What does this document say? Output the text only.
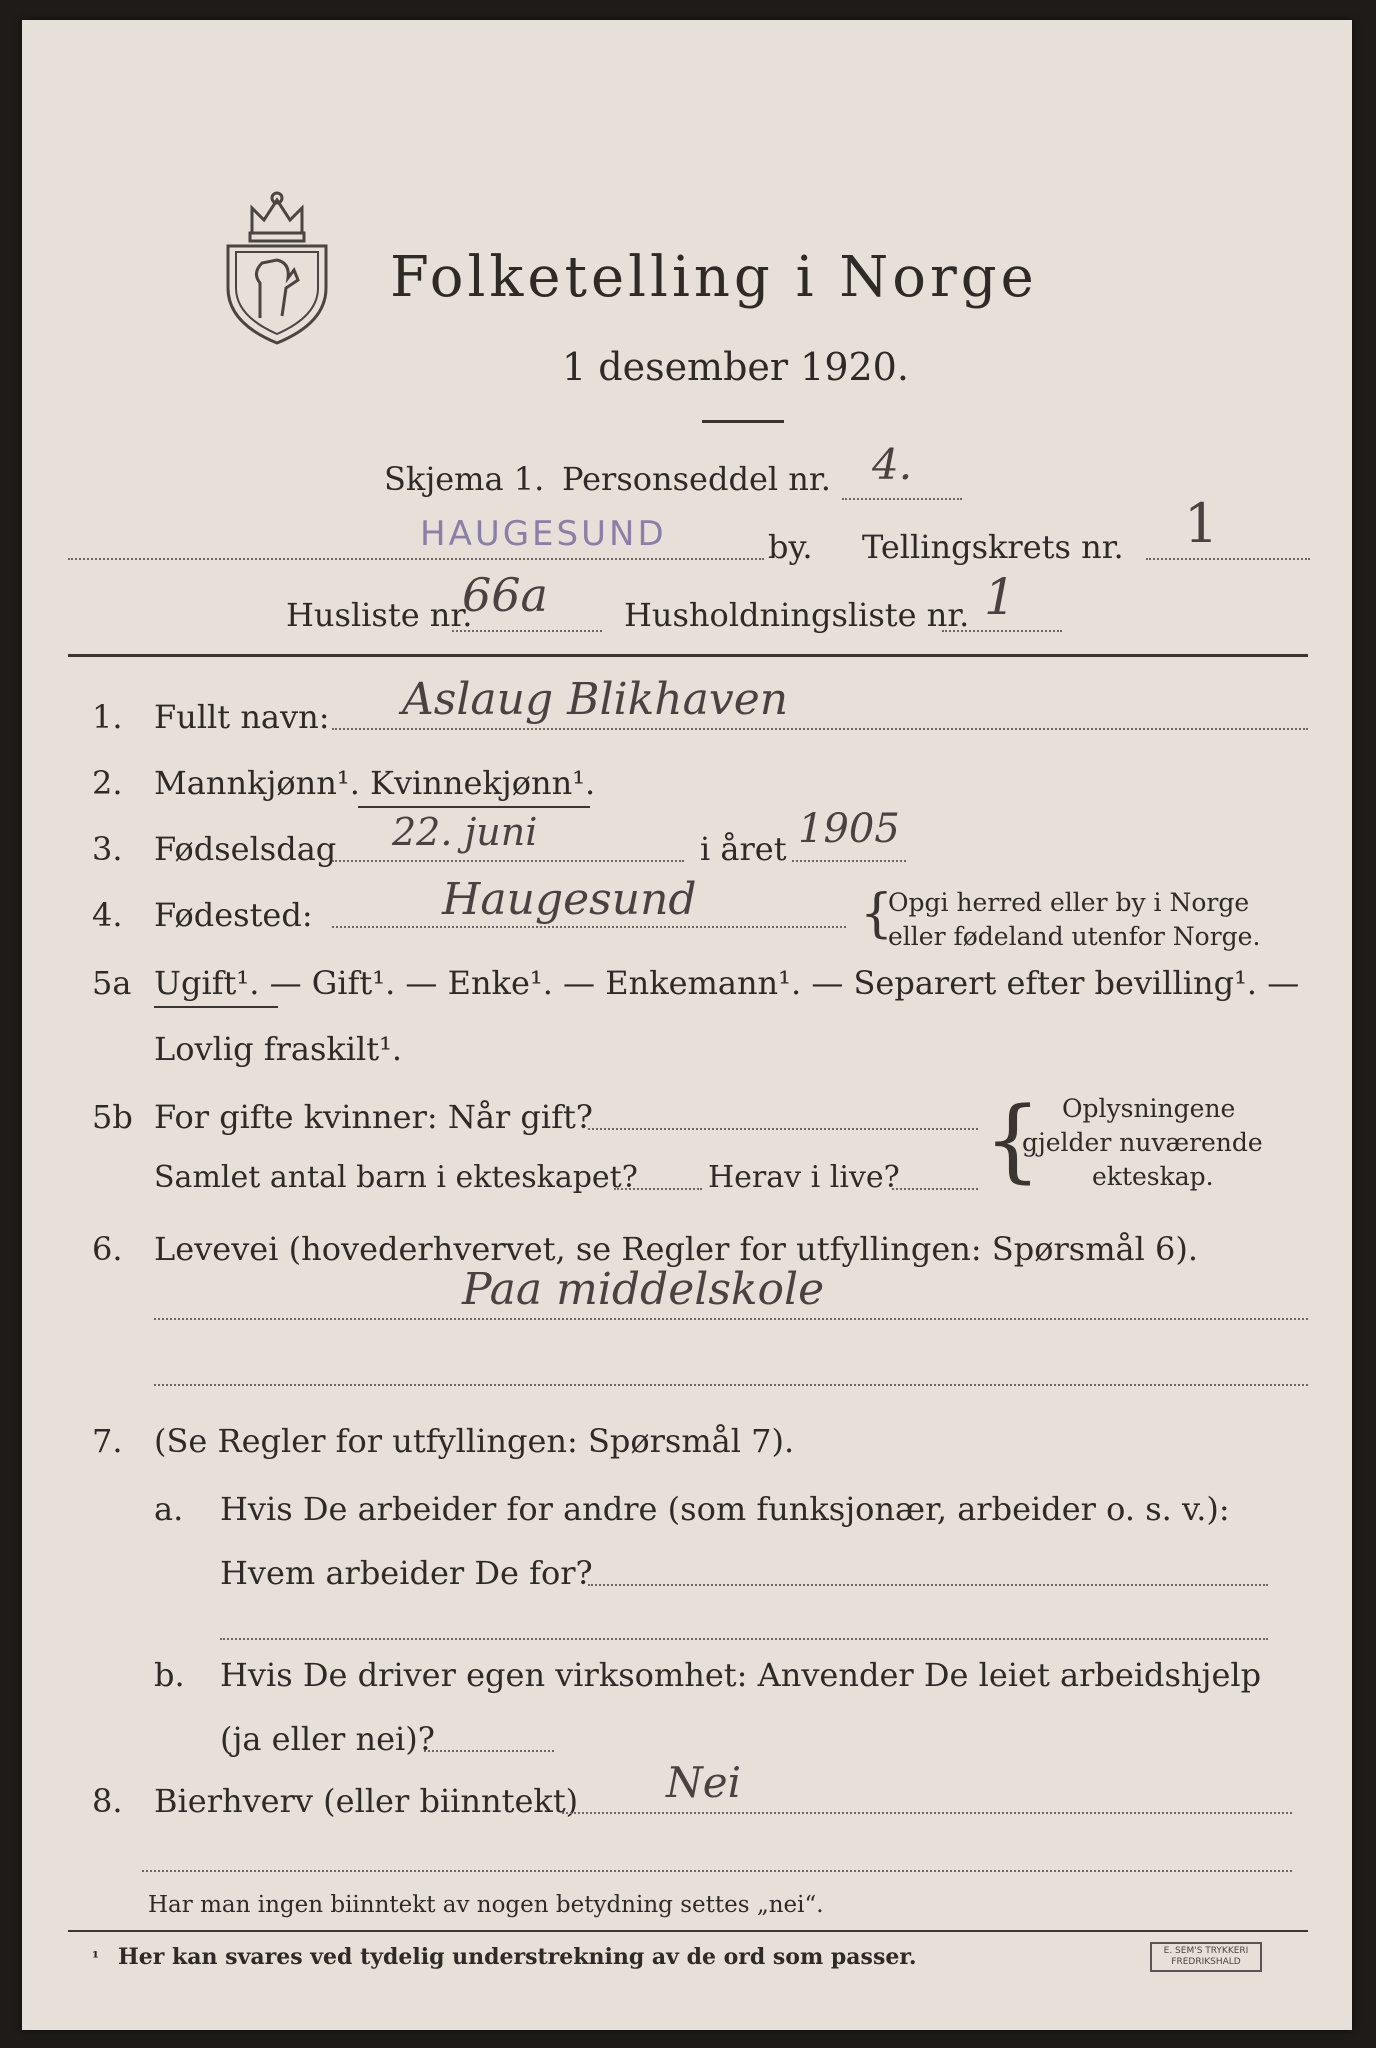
Folketelling i Norge
1 desember 1920.
Skjema 1. Personseddel nr. 4.
HAUGESUND	by. Tellingskrets nr. 1
Husliste nr.
66a Husholdningsliste nr. 1
1. Fullt navn: Aslaug Blikhaven
2. Mannkjønn¹. Kvinnekjønn¹.
3. Fødselsdag 22. juni	i året 1905
4. Fødested:	Haugesund	{
Opgi herred eller by i Norge
eller fødeland utenfor Norge.
5a Ugift¹. — Gift¹. — Enke¹. — Enkemann¹. — Separert efter bevilling¹. —
Lovlig fraskilt¹.
5b For gifte kvinner: Når gift?
Samlet antal barn i ekteskapet? Herav i live? { Oplysningene
gjelder nuværende
ekteskap.
6. Levevei (hovederhvervet, se Regler for utfyllingen: Spørsmål 6).
Paa middelskole
7. (Se Regler for utfyllingen: Spørsmål 7).
a. Hvis De arbeider for andre (som funksjonær, arbeider o. s. v.):
Hvem arbeider De for?
b. Hvis De driver egen virksomhet: Anvender De leiet arbeidshjelp
(ja eller nei)?
8. Bierhverv (eller biinntekt) Nei
Har man ingen biinntekt av nogen betydning settes „nei“.
¹ Her kan svares ved tydelig understrekning av de ord som passer.	E. SEM'S TRYKKERI
FREDRIKSHALD
